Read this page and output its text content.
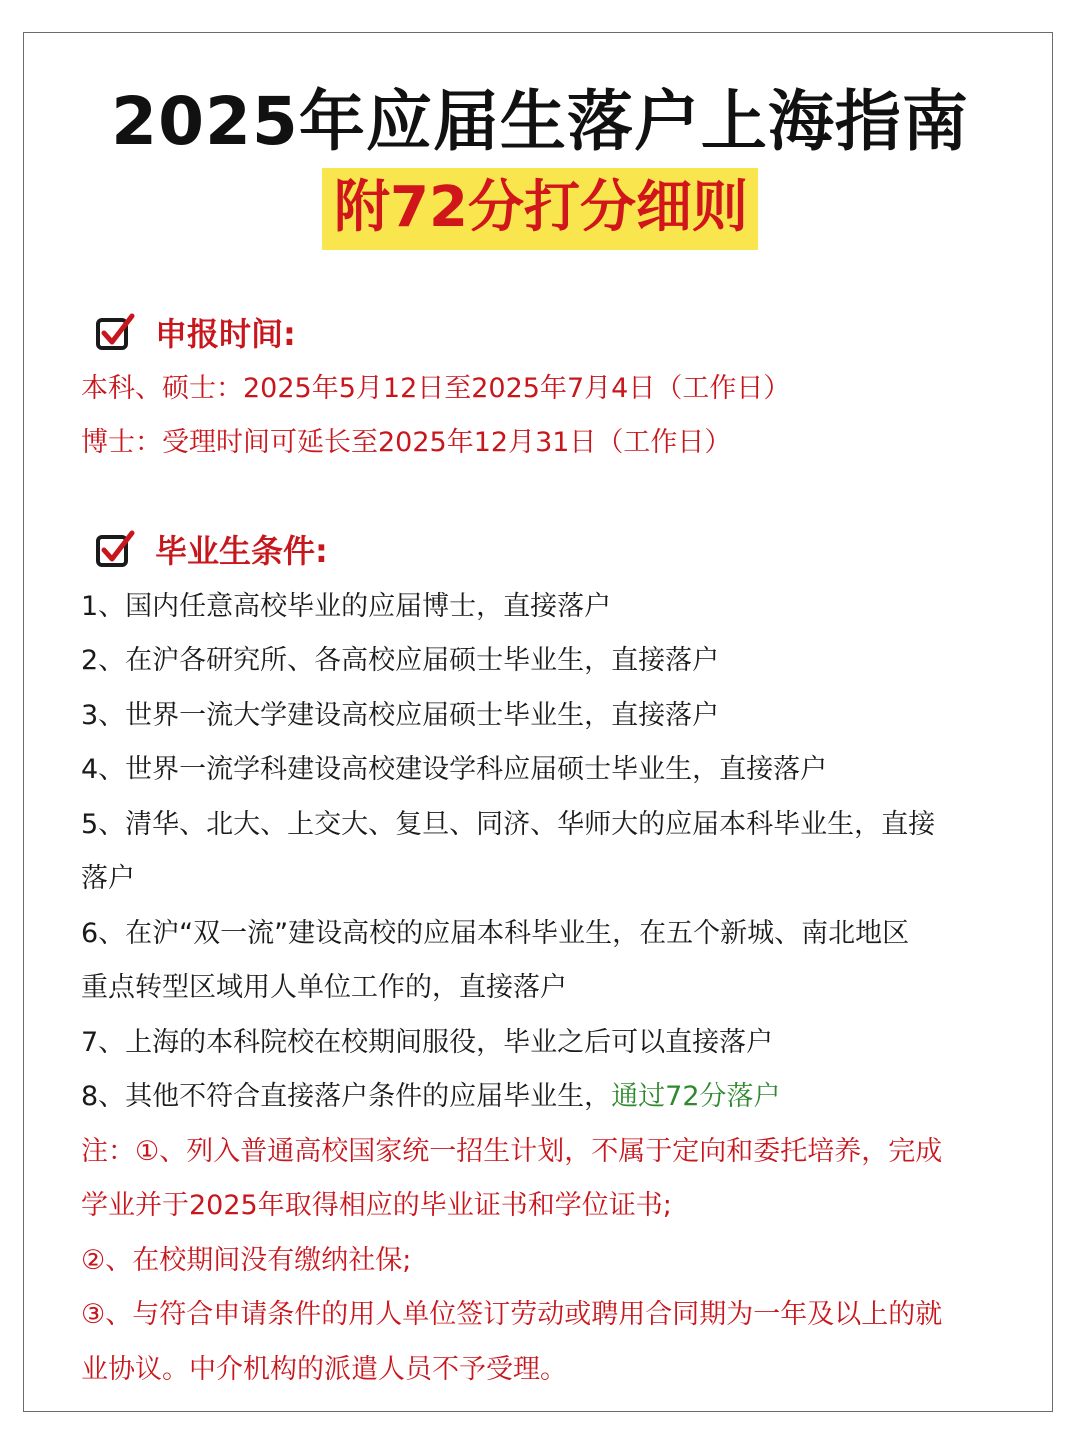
2025年应届生落户上海指南
附72分打分细则
申报时间:
本科、硕士：2025年5月12日至2025年7月4日（工作日）
博士：受理时间可延长至2025年12月31日（工作日）
毕业生条件:
1、国内任意高校毕业的应届博士，直接落户
2、在沪各研究所、各高校应届硕士毕业生，直接落户
3、世界一流大学建设高校应届硕士毕业生，直接落户
4、世界一流学科建设高校建设学科应届硕士毕业生，直接落户
5、清华、北大、上交大、复旦、同济、华师大的应届本科毕业生，直接
落户
6、在沪“双一流”建设高校的应届本科毕业生，在五个新城、南北地区
重点转型区域用人单位工作的，直接落户
7、上海的本科院校在校期间服役，毕业之后可以直接落户
8、其他不符合直接落户条件的应届毕业生，通过72分落户
注：①、列入普通高校国家统一招生计划，不属于定向和委托培养，完成
学业并于2025年取得相应的毕业证书和学位证书;
②、在校期间没有缴纳社保;
③、与符合申请条件的用人单位签订劳动或聘用合同期为一年及以上的就
业协议。中介机构的派遣人员不予受理。
